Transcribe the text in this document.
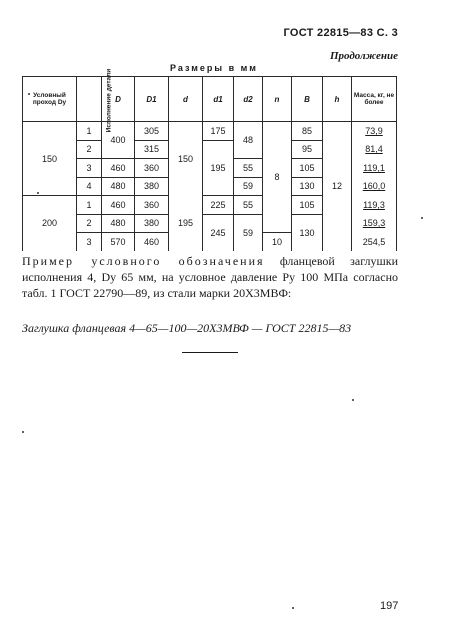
ГОСТ 22815—83 С. 3
Продолжение
Размеры в мм
Условный проход Dу	Исполнение детали	D	D1	d	d1	d2	n	B	h	Масса, кг, не более
150	1	400	305	150	175	48	8	85	12	73,9
	2		315		195			95		81,4
	3	460	360			55		105		119,1
	4	480	380			59		130		160,0
200	1	460	360	195	225	55		105		119,3
	2	480	380		245	59		130		159,3
	3	570	460				10			254,5
Пример условного обозначения фланцевой заглушки исполнения 4, Dу 65 мм, на условное давление Pу 100 МПа согласно табл. 1 ГОСТ 22790—89, из стали марки 20Х3МВФ:
Заглушка фланцевая 4—65—100—20Х3МВФ — ГОСТ 22815—83
197
